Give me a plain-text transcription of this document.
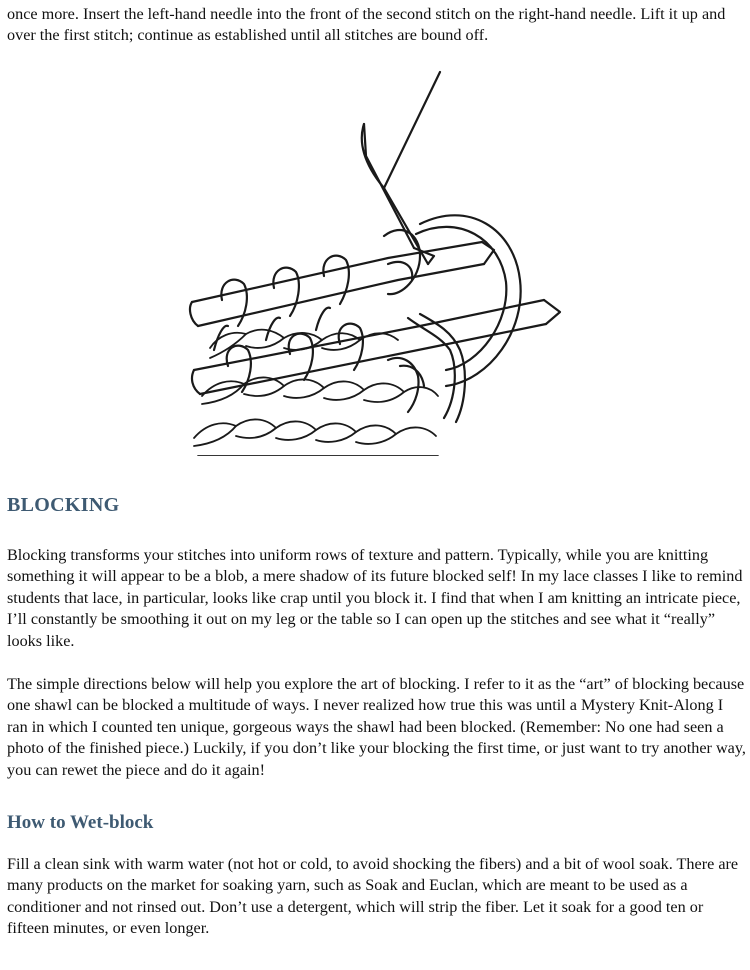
once more. Insert the left-hand needle into the front of the second stitch on the right-hand needle. Lift it up and over the first stitch; continue as established until all stitches are bound off.

BLOCKING

Blocking transforms your stitches into uniform rows of texture and pattern. Typically, while you are knitting something it will appear to be a blob, a mere shadow of its future blocked self! In my lace classes I like to remind students that lace, in particular, looks like crap until you block it. I find that when I am knitting an intricate piece, I’ll constantly be smoothing it out on my leg or the table so I can open up the stitches and see what it “really” looks like.

The simple directions below will help you explore the art of blocking. I refer to it as the “art” of blocking because one shawl can be blocked a multitude of ways. I never realized how true this was until a Mystery Knit-Along I ran in which I counted ten unique, gorgeous ways the shawl had been blocked. (Remember: No one had seen a photo of the finished piece.) Luckily, if you don’t like your blocking the first time, or just want to try another way, you can rewet the piece and do it again!

How to Wet-block

Fill a clean sink with warm water (not hot or cold, to avoid shocking the fibers) and a bit of wool soak. There are many products on the market for soaking yarn, such as Soak and Euclan, which are meant to be used as a conditioner and not rinsed out. Don’t use a detergent, which will strip the fiber. Let it soak for a good ten or fifteen minutes, or even longer.
